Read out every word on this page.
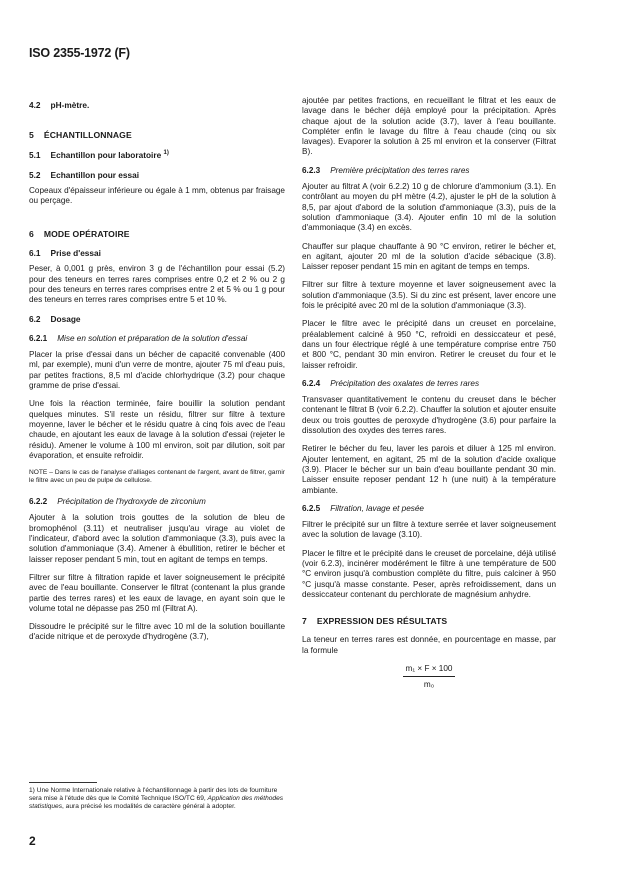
ISO 2355-1972 (F)
4.2 pH-mètre.
5 ÉCHANTILLONNAGE
5.1 Echantillon pour laboratoire $^{1)}$
5.2 Echantillon pour essai

Copeaux d'épaisseur inférieure ou égale à 1 mm, obtenus par fraisage ou perçage.

6 MODE OPÉRATOIRE
6.1 Prise d'essai

Peser, à 0,001 g près, environ 3 g de l'échantillon pour essai (5.2) pour des teneurs en terres rares comprises entre 0,2 et 2 % ou 2 g pour des teneurs en terres rares comprises entre 2 et 5 % ou 1 g pour des teneurs en terres rares comprises entre 5 et 10 %.

6.2 Dosage
6.2.1 Mise en solution et préparation de la solution d'essai

Placer la prise d'essai dans un bécher de capacité convenable (400 ml, par exemple), muni d'un verre de montre, ajouter 75 ml d'eau puis, par petites fractions, 8,5 ml d'acide chlorhydrique (3.2) pour chaque gramme de prise d'essai.

Une fois la réaction terminée, faire bouillir la solution pendant quelques minutes. S'il reste un résidu, filtrer sur filtre à texture moyenne, laver le bécher et le résidu quatre à cinq fois avec de l'eau chaude, en ajoutant les eaux de lavage à la solution d'essai (rejeter le résidu). Amener le volume à 100 ml environ, soit par dilution, soit par évaporation, et ensuite refroidir.

NOTE – Dans le cas de l'analyse d'alliages contenant de l'argent, avant de filtrer, garnir le filtre avec un peu de pulpe de cellulose.
6.2.2 Précipitation de l'hydroxyde de zirconium

Ajouter à la solution trois gouttes de la solution de bleu de bromophénol (3.11) et neutraliser jusqu'au virage au violet de l'indicateur, d'abord avec la solution d'ammoniaque (3.3), puis avec la solution d'ammoniaque (3.4). Amener à ébullition, retirer le bécher et laisser reposer pendant 5 min, tout en agitant de temps en temps.

Filtrer sur filtre à filtration rapide et laver soigneusement le précipité avec de l'eau bouillante. Conserver le filtrat (contenant la plus grande partie des terres rares) et les eaux de lavage, en ayant soin que le volume total ne dépasse pas 250 ml (Filtrat A).

Dissoudre le précipité sur le filtre avec 10 ml de la solution bouillante d'acide nitrique et de peroxyde d'hydrogène (3.7),

1) Une Norme Internationale relative à l'échantillonnage à partir des lots de fourniture sera mise à l'étude dès que le Comité Technique ISO/TC 69, Application des méthodes statistiques, aura précisé les modalités de caractère général à adopter.
2

ajoutée par petites fractions, en recueillant le filtrat et les eaux de lavage dans le bécher déjà employé pour la précipitation. Après chaque ajout de la solution acide (3.7), laver à l'eau bouillante. Compléter enfin le lavage du filtre à l'eau chaude (cinq ou six lavages). Evaporer la solution à 25 ml environ et la conserver (Filtrat B).

6.2.3 Première précipitation des terres rares

Ajouter au filtrat A (voir 6.2.2) 10 g de chlorure d'ammonium (3.1). En contrôlant au moyen du pH mètre (4.2), ajuster le pH de la solution à 8,5, par ajout d'abord de la solution d'ammoniaque (3.3), puis de la solution d'ammoniaque (3.4). Ajouter enfin 10 ml de la solution d'ammoniaque (3.4) en excès.

Chauffer sur plaque chauffante à 90 °C environ, retirer le bécher et, en agitant, ajouter 20 ml de la solution d'acide sébacique (3.8). Laisser reposer pendant 15 min en agitant de temps en temps.

Filtrer sur filtre à texture moyenne et laver soigneusement avec la solution d'ammoniaque (3.5). Si du zinc est présent, laver encore une fois le précipité avec 20 ml de la solution d'ammoniaque (3.3).

Placer le filtre avec le précipité dans un creuset en porcelaine, préalablement calciné à 950 °C, refroidi en dessiccateur et pesé, dans un four électrique réglé à une température comprise entre 750 et 800 °C, pendant 30 min environ. Retirer le creuset du four et le laisser refroidir.

6.2.4 Précipitation des oxalates de terres rares

Transvaser quantitativement le contenu du creuset dans le bécher contenant le filtrat B (voir 6.2.2). Chauffer la solution et ajouter ensuite deux ou trois gouttes de peroxyde d'hydrogène (3.6) pour parfaire la dissolution des oxydes des terres rares.

Retirer le bécher du feu, laver les parois et diluer à 125 ml environ. Ajouter lentement, en agitant, 25 ml de la solution d'acide oxalique (3.9). Placer le bécher sur un bain d'eau bouillante pendant 30 min. Laisser ensuite reposer pendant 12 h (une nuit) à la température ambiante.

6.2.5 Filtration, lavage et pesée

Filtrer le précipité sur un filtre à texture serrée et laver soigneusement avec la solution de lavage (3.10).

Placer le filtre et le précipité dans le creuset de porcelaine, déjà utilisé (voir 6.2.3), incinérer modérément le filtre à une température de 500 °C environ jusqu'à combustion complète du filtre, puis calciner à 950 °C jusqu'à masse constante. Peser, après refroidissement, dans un dessiccateur contenant du perchlorate de magnésium anhydre.

7 EXPRESSION DES RÉSULTATS

La teneur en terres rares est donnée, en pourcentage en masse, par la formule

$\frac{\text{m₁ × F × 100}}{\text{m₀}}$
